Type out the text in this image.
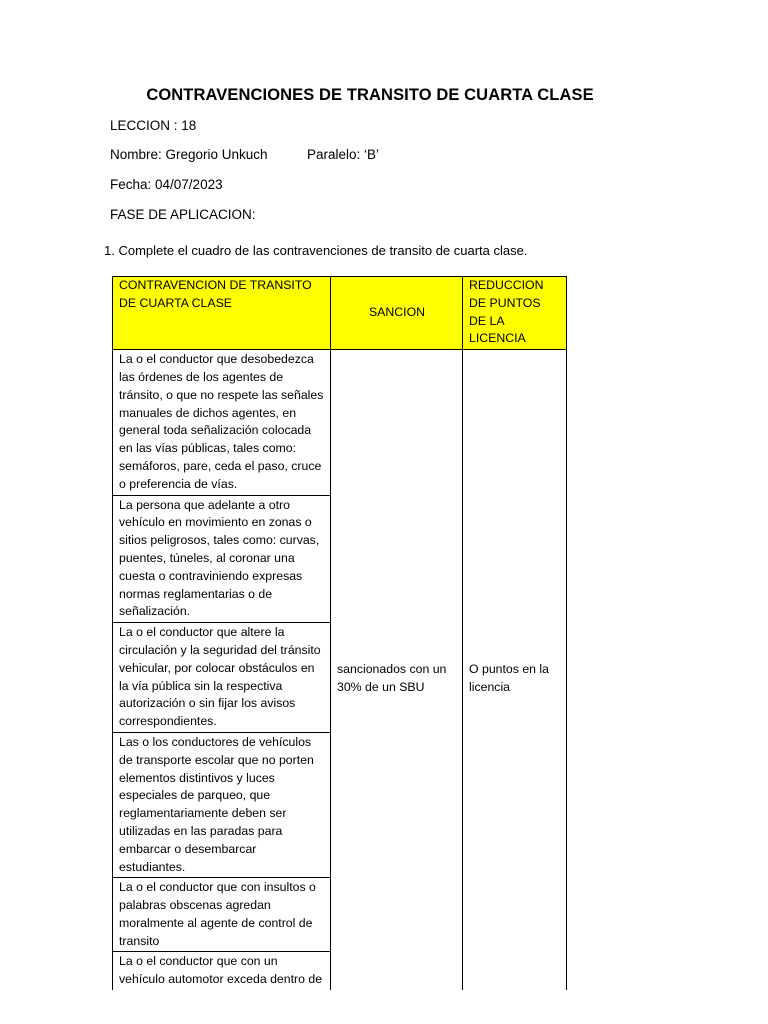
CONTRAVENCIONES DE TRANSITO DE CUARTA CLASE
LECCION : 18
Nombre: Gregorio Unkuch	Paralelo: ‘B’
Fecha: 04/07/2023
FASE DE APLICACION:
1. Complete el cuadro de las contravenciones de transito de cuarta clase.
CONTRAVENCION DE TRANSITO DE CUARTA CLASE	SANCION	REDUCCION DE PUNTOS DE LA LICENCIA
La o el conductor que desobedezca las órdenes de los agentes de tránsito, o que no respete las señales manuales de dichos agentes, en general toda señalización colocada en las vías públicas, tales como: semáforos, pare, ceda el paso, cruce o preferencia de vías.	sancionados con un 30% de un SBU	O puntos en la licencia

La persona que adelante a otro vehículo en movimiento en zonas o sitios peligrosos, tales como: curvas, puentes, túneles, al coronar una cuesta o contraviniendo expresas normas reglamentarias o de señalización.		
La o el conductor que altere la circulación y la seguridad del tránsito vehicular, por colocar obstáculos en la vía pública sin la respectiva autorización o sin fijar los avisos correspondientes.		
Las o los conductores de vehículos de transporte escolar que no porten elementos distintivos y luces especiales de parqueo, que reglamentariamente deben ser utilizadas en las paradas para embarcar o desembarcar estudiantes.		
La o el conductor que con insultos o palabras obscenas agredan moralmente al agente de control de transito		
La o el conductor que con un vehículo automotor exceda dentro de		
